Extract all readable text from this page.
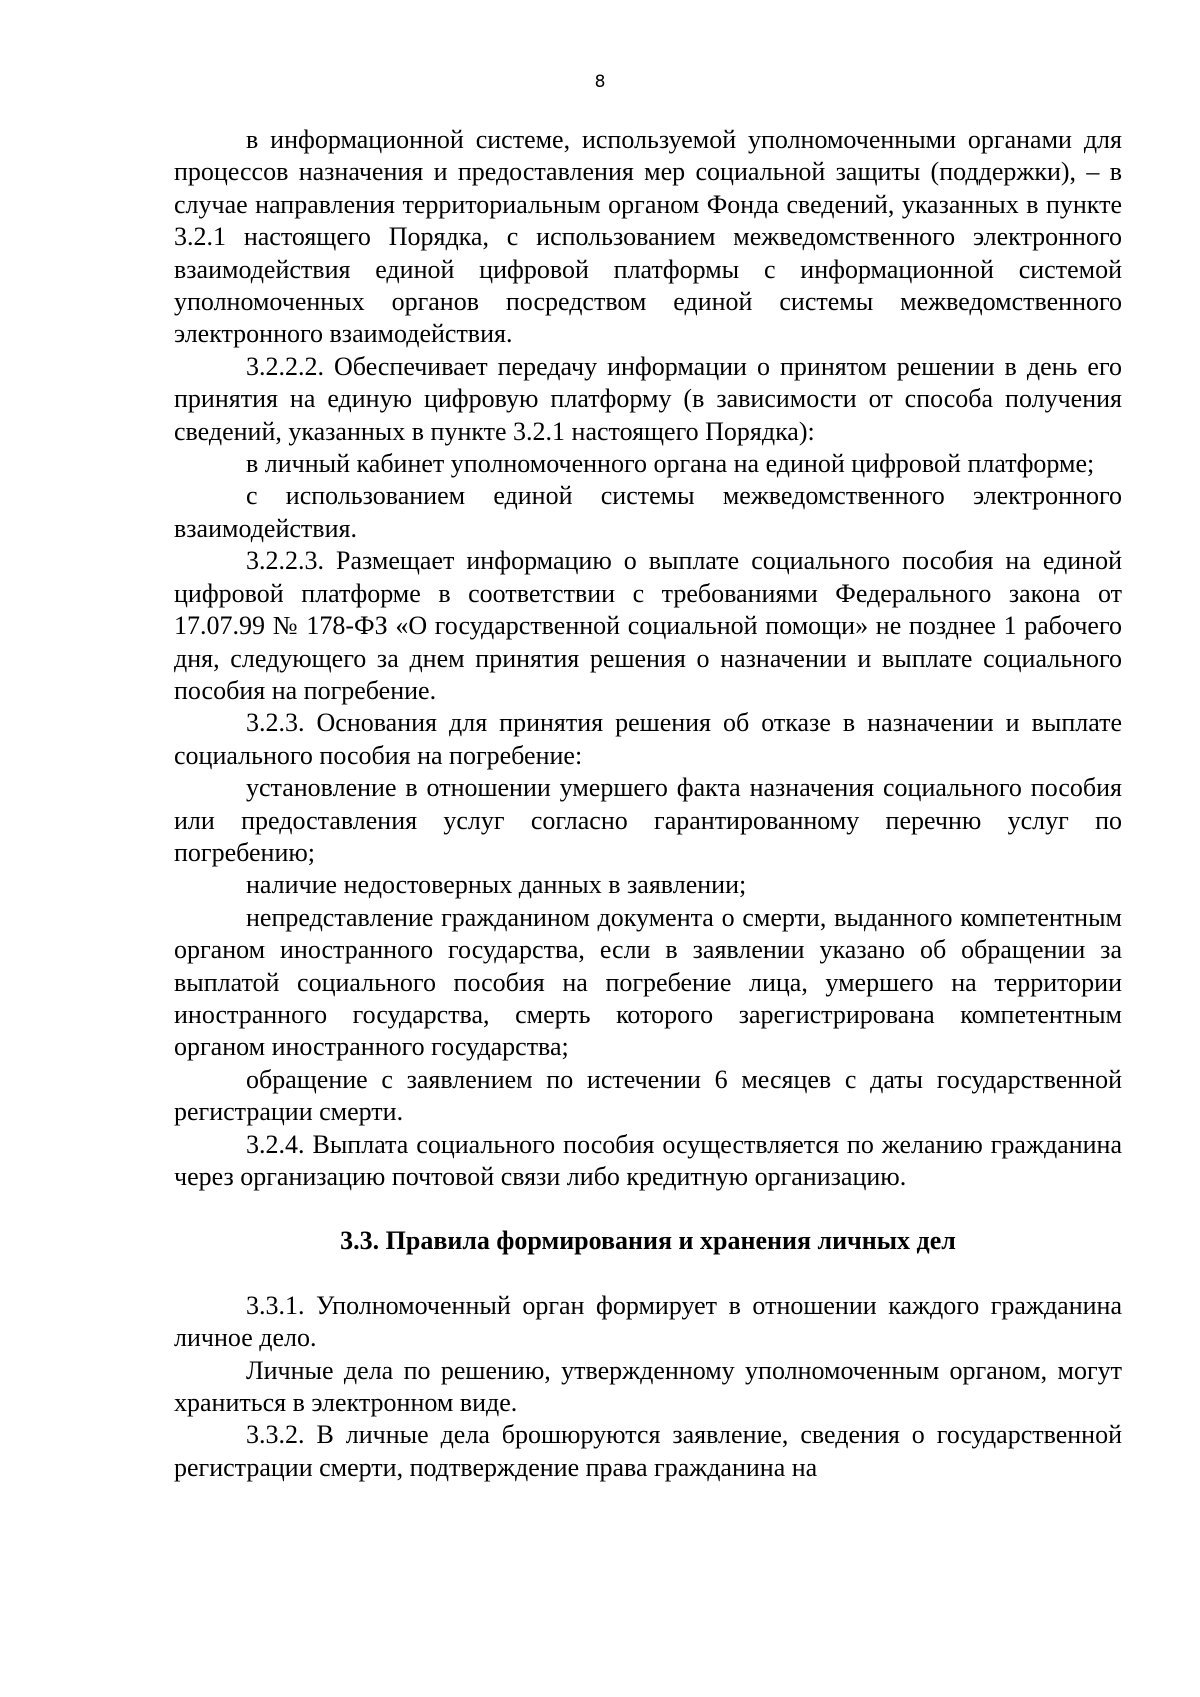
8

в информационной системе, используемой уполномоченными органами для процессов назначения и предоставления мер социальной защиты (поддержки), – в случае направления территориальным органом Фонда сведений, указанных в пункте 3.2.1 настоящего Порядка, с использованием межведомственного электронного взаимодействия единой цифровой платформы с информационной системой уполномоченных органов посредством единой системы межведомственного электронного взаимодействия.

3.2.2.2. Обеспечивает передачу информации о принятом решении в день его принятия на единую цифровую платформу (в зависимости от способа получения сведений, указанных в пункте 3.2.1 настоящего Порядка):

в личный кабинет уполномоченного органа на единой цифровой платформе;

с использованием единой системы межведомственного электронного взаимодействия.

3.2.2.3. Размещает информацию о выплате социального пособия на единой цифровой платформе в соответствии с требованиями Федерального закона от 17.07.99 № 178-ФЗ «О государственной социальной помощи» не позднее 1 рабочего дня, следующего за днем принятия решения о назначении и выплате социального пособия на погребение.

3.2.3. Основания для принятия решения об отказе в назначении и выплате социального пособия на погребение:

установление в отношении умершего факта назначения социального пособия или предоставления услуг согласно гарантированному перечню услуг по погребению;

наличие недостоверных данных в заявлении;

непредставление гражданином документа о смерти, выданного компетентным органом иностранного государства, если в заявлении указано об обращении за выплатой социального пособия на погребение лица, умершего на территории иностранного государства, смерть которого зарегистрирована компетентным органом иностранного государства;

обращение с заявлением по истечении 6 месяцев с даты государственной регистрации смерти.

3.2.4. Выплата социального пособия осуществляется по желанию гражданина через организацию почтовой связи либо кредитную организацию.

3.3. Правила формирования и хранения личных дел

3.3.1. Уполномоченный орган формирует в отношении каждого гражданина личное дело.

Личные дела по решению, утвержденному уполномоченным органом, могут храниться в электронном виде.

3.3.2. В личные дела брошюруются заявление, сведения о государственной регистрации смерти, подтверждение права гражданина на
